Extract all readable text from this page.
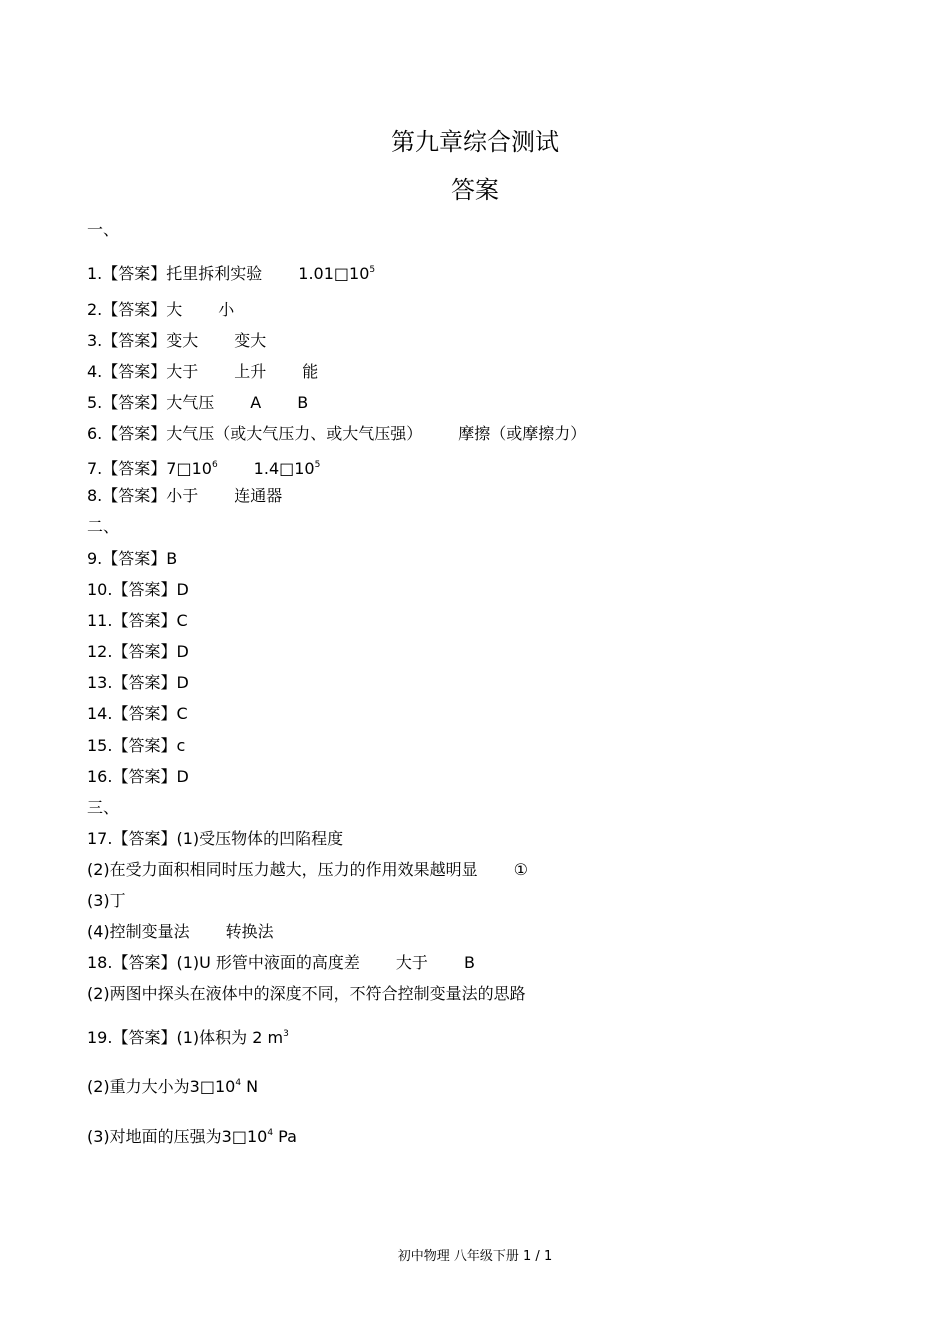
第九章综合测试
答案
一、
1.【答案】托里拆利实验 $1.01□10^5$
2.【答案】大 小
3.【答案】变大 变大
4.【答案】大于 上升 能
5.【答案】大气压 A B
6.【答案】大气压（或大气压力、或大气压强） 摩擦（或摩擦力）
7.【答案】$7□10^6$ $1.4□10^5$
8.【答案】小于 连通器
二、
9.【答案】B
10.【答案】D
11.【答案】C
12.【答案】D
13.【答案】D
14.【答案】C
15.【答案】c
16.【答案】D
三、
17.【答案】(1)受压物体的凹陷程度
(2)在受力面积相同时压力越大，压力的作用效果越明显 ①
(3)丁
(4)控制变量法 转换法
18.【答案】(1)U 形管中液面的高度差 大于 B
(2)两图中探头在液体中的深度不同，不符合控制变量法的思路
19.【答案】(1)体积为 2 $m^3$
(2)重力大小为$3□10^4$ N
(3)对地面的压强为$3□10^4$ Pa
初中物理 八年级下册 1 / 1
